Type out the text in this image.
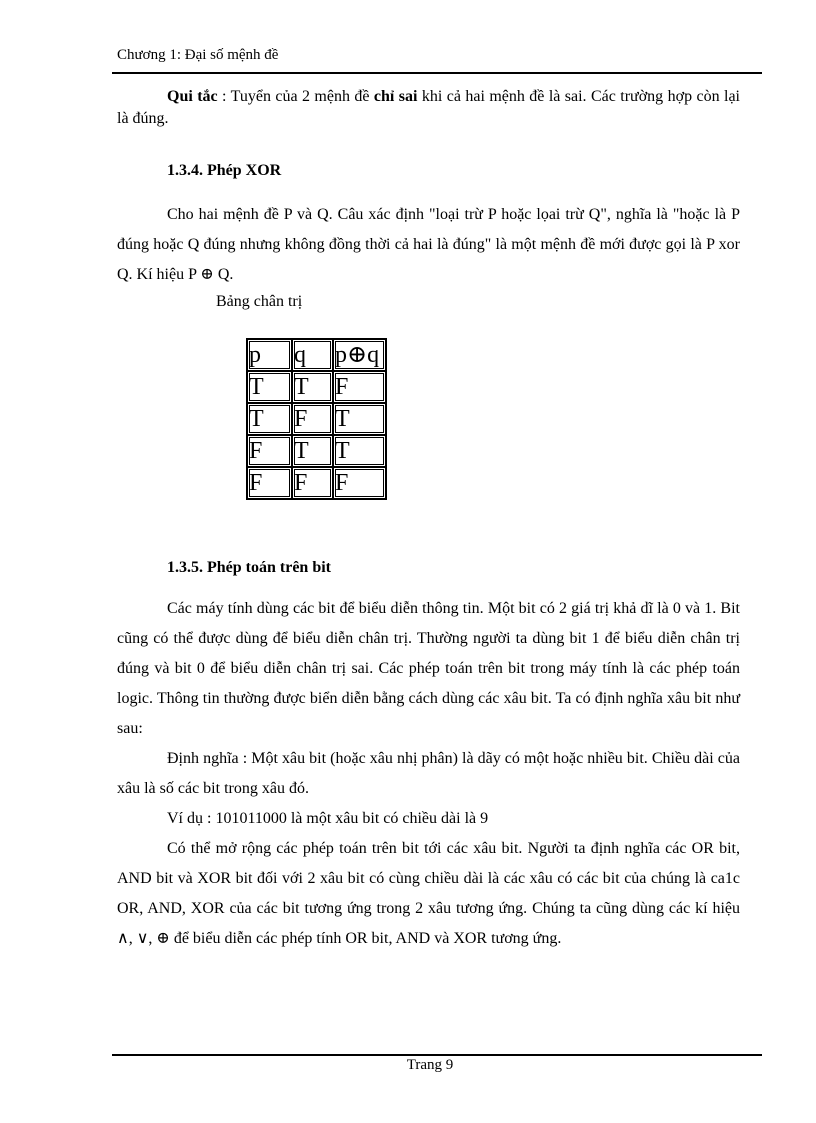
Chương 1: Đại số mệnh đề
Qui tắc : Tuyển của 2 mệnh đề chỉ sai khi cả hai mệnh đề là sai. Các trường hợp còn lại là đúng.
1.3.4. Phép XOR
Cho hai mệnh đề P và Q. Câu xác định "loại trừ P hoặc lọai trừ Q", nghĩa là "hoặc là P đúng hoặc Q đúng nhưng không đồng thời cả hai là đúng" là một mệnh đề mới được gọi là P xor Q. Kí hiệu P ⊕ Q.
Bảng chân trị
p	q	p⊕q
T	T	F
T	F	T
F	T	T
F	F	F
1.3.5. Phép toán trên bit
Các máy tính dùng các bit để biểu diễn thông tin. Một bit có 2 giá trị khả dĩ là 0 và 1. Bit cũng có thể được dùng để biểu diễn chân trị. Thường người ta dùng bit 1 để biểu diễn chân trị đúng và bit 0 để biểu diễn chân trị sai. Các phép toán trên bit trong máy tính là các phép toán logic. Thông tin thường được biển diễn bằng cách dùng các xâu bit. Ta có định nghĩa xâu bit như sau:
Định nghĩa : Một xâu bit (hoặc xâu nhị phân) là dãy có một hoặc nhiều bit. Chiều dài của xâu là số các bit trong xâu đó.
Ví dụ : 101011000 là một xâu bit có chiều dài là 9
Có thể mở rộng các phép toán trên bit tới các xâu bit. Người ta định nghĩa các OR bit, AND bit và XOR bit đối với 2 xâu bit có cùng chiều dài là các xâu có các bit của chúng là ca1c OR, AND, XOR của các bit tương ứng trong 2 xâu tương ứng. Chúng ta cũng dùng các kí hiệu ∧, ∨, ⊕ để biểu diễn các phép tính OR bit, AND và XOR tương ứng.
Trang 9
